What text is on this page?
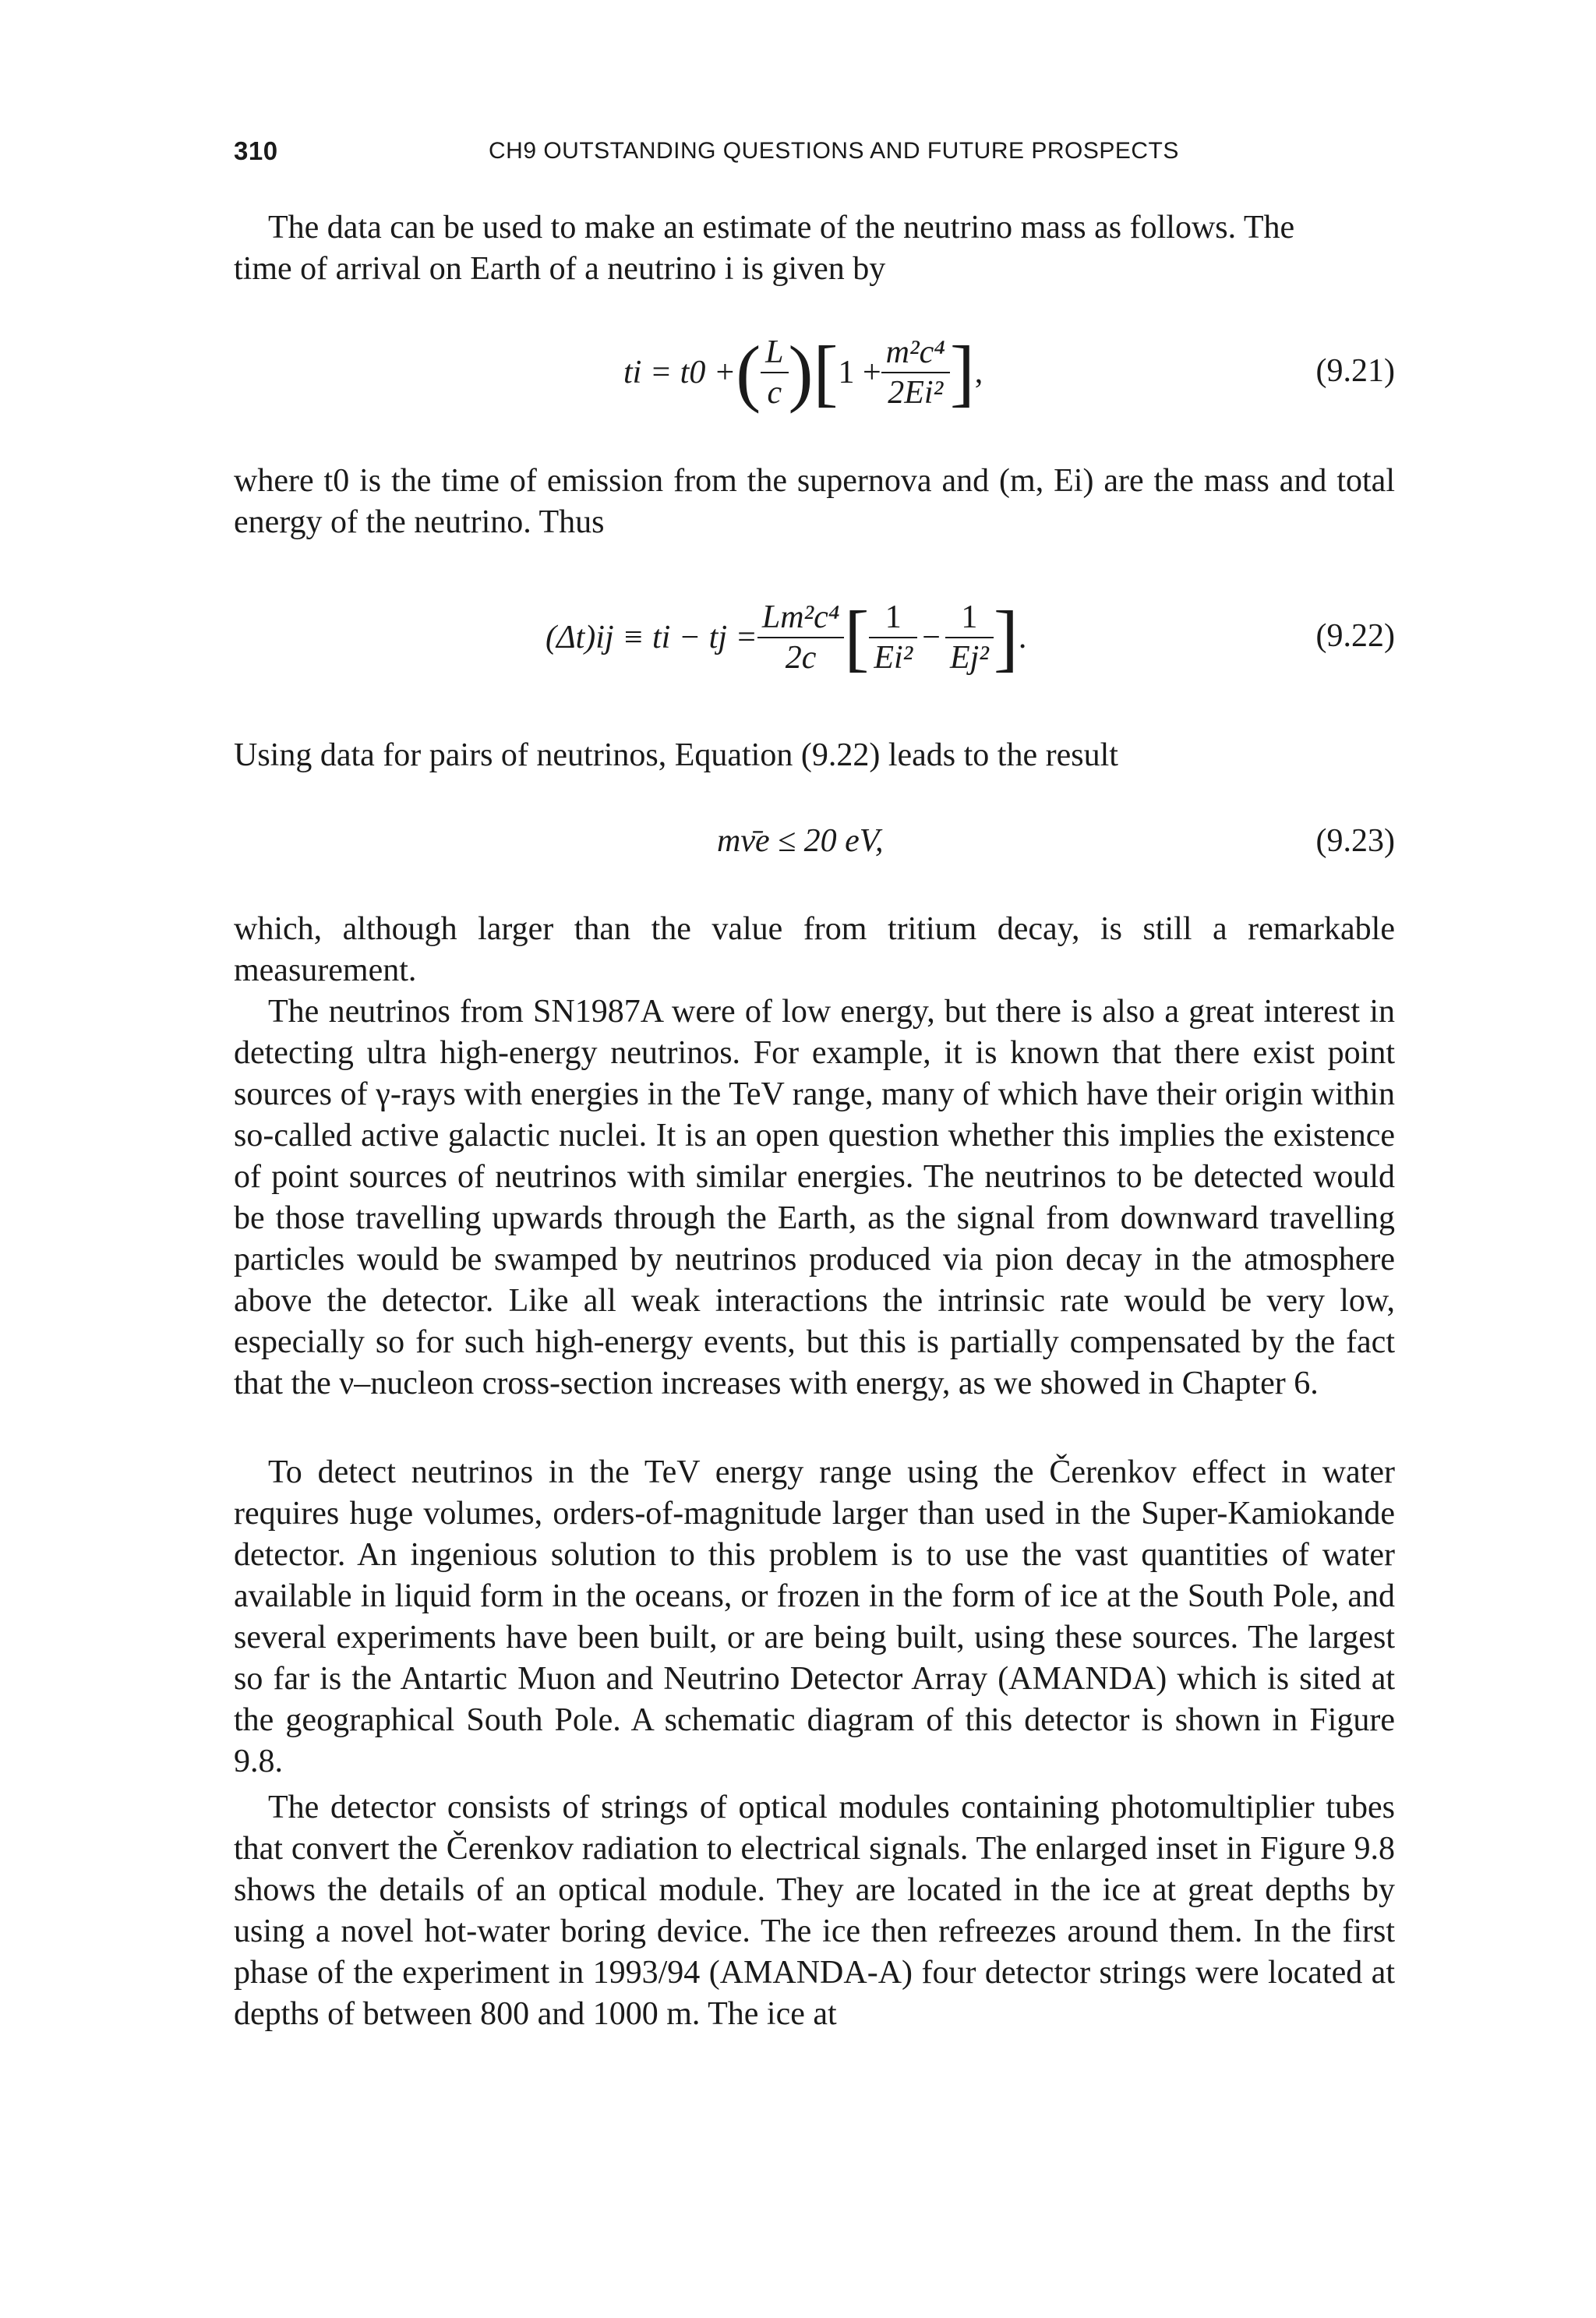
310	CH9 OUTSTANDING QUESTIONS AND FUTURE PROSPECTS

The data can be used to make an estimate of the neutrino mass as follows. The

time of arrival on Earth of a neutrino i is given by

ti = t0 + ( $\frac{L}{c}$ ) [ $1 + \frac{\text{m²c⁴}}{\text{2Ei²}}$ ] ,	(9.21)

where t0 is the time of emission from the supernova and (m, Ei) are the mass and total energy of the neutrino. Thus

(Δt)ij ≡ ti − tj = $\frac{\text{Lm²c⁴}}{2c}$ [ $\frac{1}{\text{Ei²}} - \frac{1}{\text{Ej²}}$ ] .	(9.22)

Using data for pairs of neutrinos, Equation (9.22) leads to the result

mν̄e ≤ 20 eV,	(9.23)

which, although larger than the value from tritium decay, is still a remarkable measurement.

The neutrinos from SN1987A were of low energy, but there is also a great interest in detecting ultra high-energy neutrinos. For example, it is known that there exist point sources of γ-rays with energies in the TeV range, many of which have their origin within so-called active galactic nuclei. It is an open question whether this implies the existence of point sources of neutrinos with similar energies. The neutrinos to be detected would be those travelling upwards through the Earth, as the signal from downward travelling particles would be swamped by neutrinos produced via pion decay in the atmosphere above the detector. Like all weak interactions the intrinsic rate would be very low, especially so for such high-energy events, but this is partially compensated by the fact that the ν–nucleon cross-section increases with energy, as we showed in Chapter 6.

To detect neutrinos in the TeV energy range using the Čerenkov effect in water requires huge volumes, orders-of-magnitude larger than used in the Super-Kamiokande detector. An ingenious solution to this problem is to use the vast quantities of water available in liquid form in the oceans, or frozen in the form of ice at the South Pole, and several experiments have been built, or are being built, using these sources. The largest so far is the Antartic Muon and Neutrino Detector Array (AMANDA) which is sited at the geographical South Pole. A schematic diagram of this detector is shown in Figure 9.8.

The detector consists of strings of optical modules containing photomultiplier tubes that convert the Čerenkov radiation to electrical signals. The enlarged inset in Figure 9.8 shows the details of an optical module. They are located in the ice at great depths by using a novel hot-water boring device. The ice then refreezes around them. In the first phase of the experiment in 1993/94 (AMANDA-A) four detector strings were located at depths of between 800 and 1000 m. The ice at
